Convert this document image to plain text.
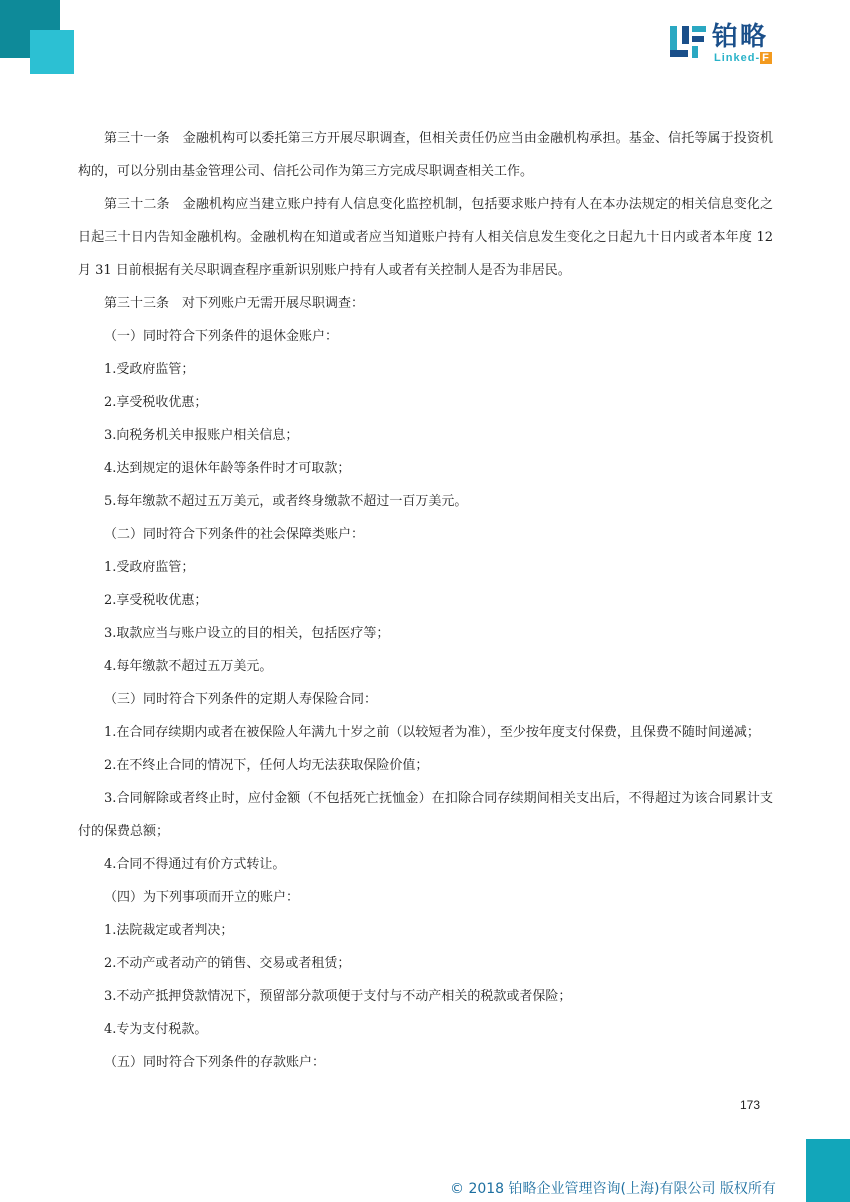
铂略
Linked- F

第三十一条　金融机构可以委托第三方开展尽职调查，但相关责任仍应当由金融机构承担。基金、信托等属于投资机构的，可以分别由基金管理公司、信托公司作为第三方完成尽职调查相关工作。

第三十二条　金融机构应当建立账户持有人信息变化监控机制，包括要求账户持有人在本办法规定的相关信息变化之日起三十日内告知金融机构。金融机构在知道或者应当知道账户持有人相关信息发生变化之日起九十日内或者本年度 12 月 31 日前根据有关尽职调查程序重新识别账户持有人或者有关控制人是否为非居民。

第三十三条　对下列账户无需开展尽职调查：

（一）同时符合下列条件的退休金账户：

1.受政府监管；

2.享受税收优惠；

3.向税务机关申报账户相关信息；

4.达到规定的退休年龄等条件时才可取款；

5.每年缴款不超过五万美元，或者终身缴款不超过一百万美元。

（二）同时符合下列条件的社会保障类账户：

1.受政府监管；

2.享受税收优惠；

3.取款应当与账户设立的目的相关，包括医疗等；

4.每年缴款不超过五万美元。

（三）同时符合下列条件的定期人寿保险合同：

1.在合同存续期内或者在被保险人年满九十岁之前（以较短者为准），至少按年度支付保费，且保费不随时间递减；

2.在不终止合同的情况下，任何人均无法获取保险价值；

3.合同解除或者终止时，应付金额（不包括死亡抚恤金）在扣除合同存续期间相关支出后，不得超过为该合同累计支付的保费总额；

4.合同不得通过有价方式转让。

（四）为下列事项而开立的账户：

1.法院裁定或者判决；

2.不动产或者动产的销售、交易或者租赁；

3.不动产抵押贷款情况下，预留部分款项便于支付与不动产相关的税款或者保险；

4.专为支付税款。

（五）同时符合下列条件的存款账户：

173
© 2018 铂略企业管理咨询(上海)有限公司 版权所有
